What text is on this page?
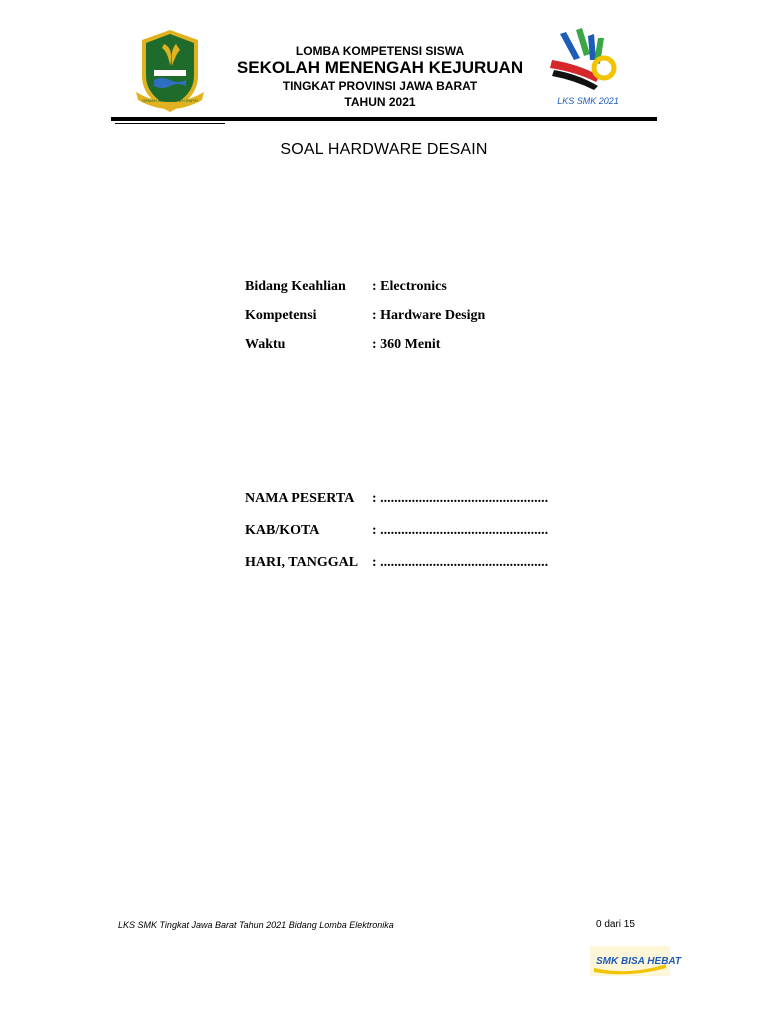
GEMAH RIPAH REPEH RAPIH
LOMBA KOMPETENSI SISWA
SEKOLAH MENENGAH KEJURUAN
TINGKAT PROVINSI JAWA BARAT
TAHUN 2021	LKS SMK 2021
SOAL HARDWARE DESAIN
Bidang Keahlian : Electronics
Kompetensi	: Hardware Design
Waktu	: 360 Menit
NAMA PESERTA : ................................................
KAB/KOTA	: ................................................
HARI, TANGGAL : ................................................
LKS SMK Tingkat Jawa Barat Tahun 2021 Bidang Lomba Elektronika	0 dari 15
SMK BISA HEBAT
